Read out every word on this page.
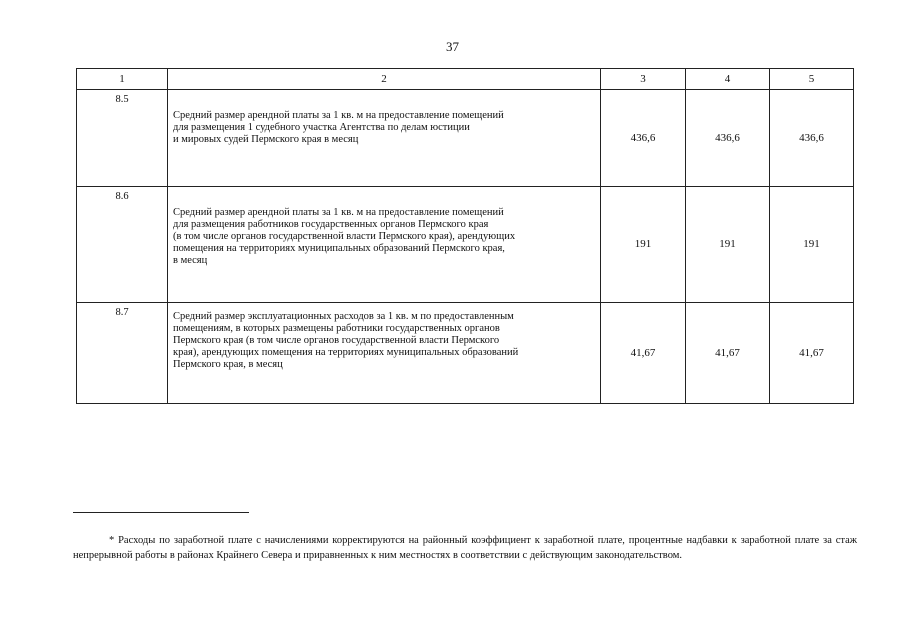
37
1	2	3	4	5
8.5	Средний размер арендной платы за 1 кв. м на предоставление помещений
для размещения 1 судебного участка Агентства по делам юстиции
и мировых судей Пермского края в месяц	436,6	436,6	436,6
8.6	Средний размер арендной платы за 1 кв. м на предоставление помещений
для размещения работников государственных органов Пермского края
(в том числе органов государственной власти Пермского края), арендующих
помещения на территориях муниципальных образований Пермского края,
в месяц	191	191	191
8.7	Средний размер эксплуатационных расходов за 1 кв. м по предоставленным
помещениям, в которых размещены работники государственных органов
Пермского края (в том числе органов государственной власти Пермского
края), арендующих помещения на территориях муниципальных образований
Пермского края, в месяц	41,67	41,67	41,67

* Расходы по заработной плате с начислениями корректируются на районный коэффициент к заработной плате, процентные надбавки к заработной плате за стаж непрерывной работы в районах Крайнего Севера и приравненных к ним местностях в соответствии с действующим законодательством.
